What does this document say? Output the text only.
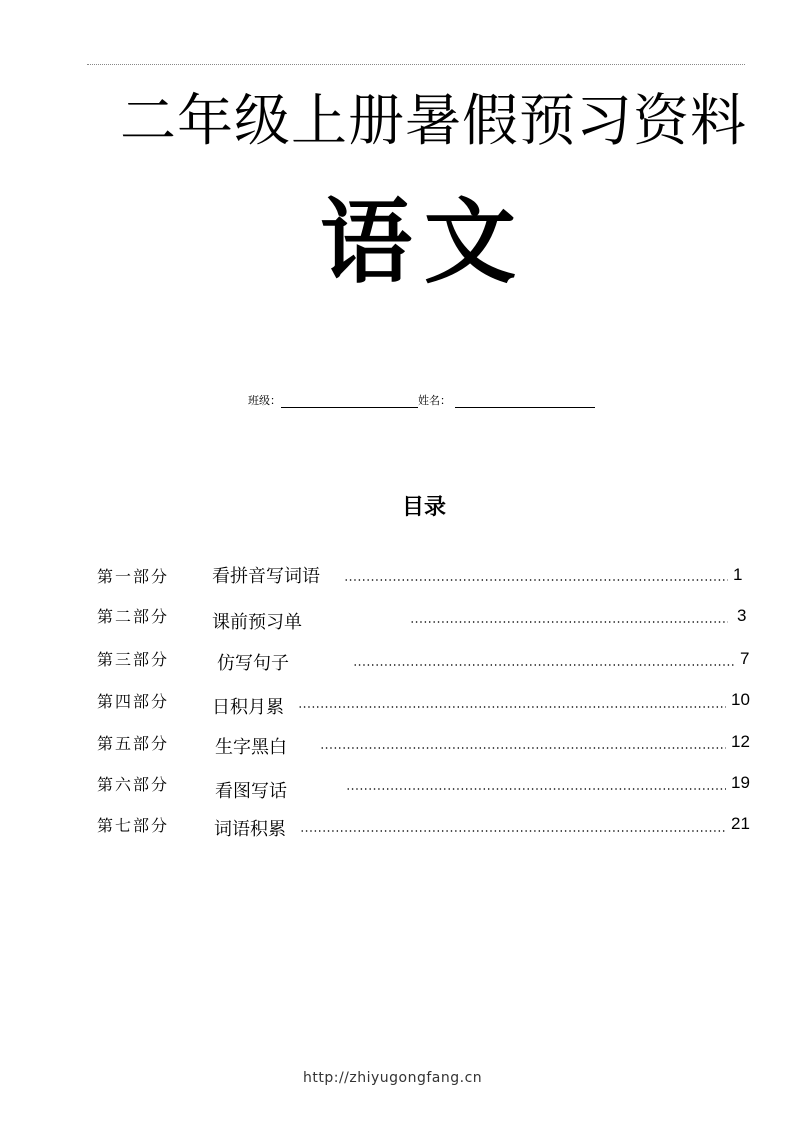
二年级上册暑假预习资料
语文
班级：	姓名：
目录
第一部分 看拼音写词语	1
第二部分 课前预习单	3
第三部分	仿写句子	7
第四部分 日积月累	10
第五部分	生字黑白	12
第六部分	看图写话	19
第七部分 词语积累	21
http://zhiyugongfang.cn
